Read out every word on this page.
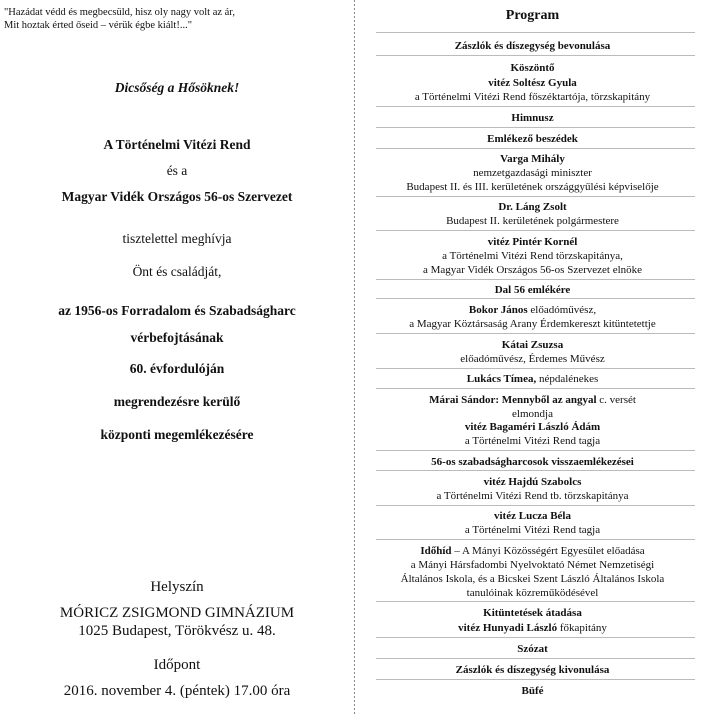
"Hazádat védd és megbecsüld, hisz oly nagy volt az ár,
Mit hoztak érted őseid – vérük égbe kiált!..."
Dicsőség a Hősöknek!
A Történelmi Vitézi Rend
és a
Magyar Vidék Országos 56-os Szervezet
tisztelettel meghívja
Önt és családját,
az 1956-os Forradalom és Szabadságharc
vérbefojtásának
60. évfordulóján
megrendezésre kerülő
központi megemlékezésére
Helyszín
MÓRICZ ZSIGMOND GIMNÁZIUM
1025 Budapest, Törökvész u. 48.
Időpont
2016. november 4. (péntek) 17.00 óra
Program
Zászlók és díszegység bevonulása
Köszöntő
vitéz Soltész Gyula
a Történelmi Vitézi Rend főszéktartója, törzskapitány
Himnusz
Emlékező beszédek
Varga Mihály
nemzetgazdasági miniszter
Budapest II. és III. kerületének országgyűlési képviselője
Dr. Láng Zsolt
Budapest II. kerületének polgármestere
vitéz Pintér Kornél
a Történelmi Vitézi Rend törzskapitánya,
a Magyar Vidék Országos 56-os Szervezet elnöke
Dal 56 emlékére
Bokor János előadóművész,
a Magyar Köztársaság Arany Érdemkereszt kitüntetettje
Kátai Zsuzsa
előadóművész, Érdemes Művész
Lukács Tímea, népdalénekes
Márai Sándor: Mennyből az angyal c. versét
elmondja
vitéz Bagaméri László Ádám
a Történelmi Vitézi Rend tagja
56-os szabadságharcosok visszaemlékezései
vitéz Hajdú Szabolcs
a Történelmi Vitézi Rend tb. törzskapitánya
vitéz Lucza Béla
a Történelmi Vitézi Rend tagja
Időhíd – A Mányi Közösségért Egyesület előadása
a Mányi Hársfadombi Nyelvoktató Német Nemzetiségi
Általános Iskola, és a Bicskei Szent László Általános Iskola
tanulóinak közreműködésével
Kitüntetések átadása
vitéz Hunyadi László főkapitány
Szózat
Zászlók és díszegység kivonulása
Büfé
